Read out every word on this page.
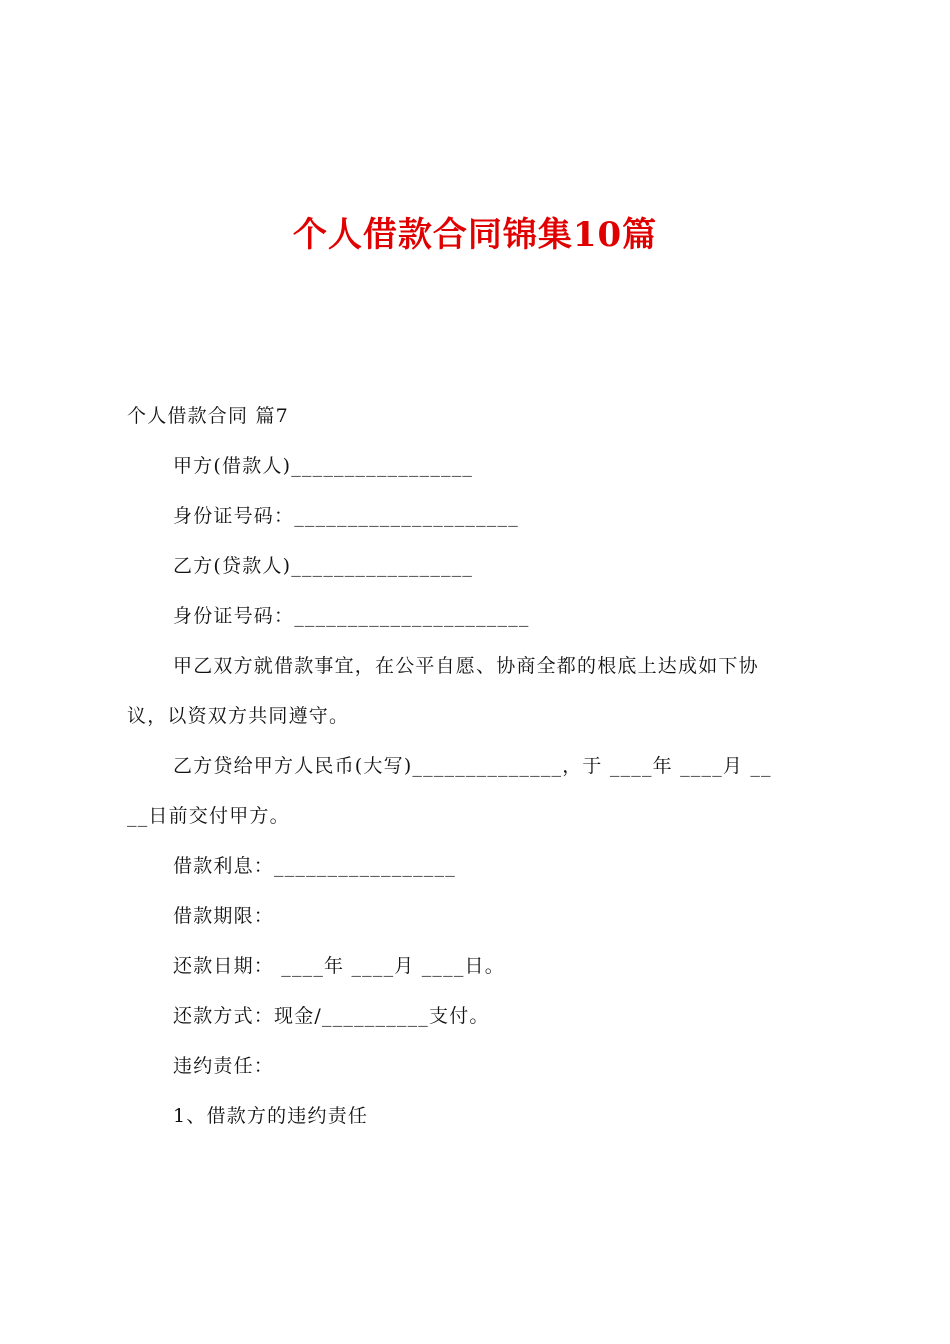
个人借款合同锦集10篇
个人借款合同 篇7
甲方(借款人)_________________
身份证号码：_____________________
乙方(贷款人)_________________
身份证号码：______________________
甲乙双方就借款事宜，在公平自愿、协商全都的根底上达成如下协
议，以资双方共同遵守。
乙方贷给甲方人民币(大写)______________，于 ____年 ____月 __
__日前交付甲方。
借款利息：_________________
借款期限：
还款日期： ____年 ____月 ____日。
还款方式：现金/__________支付。
违约责任：
1、借款方的违约责任
